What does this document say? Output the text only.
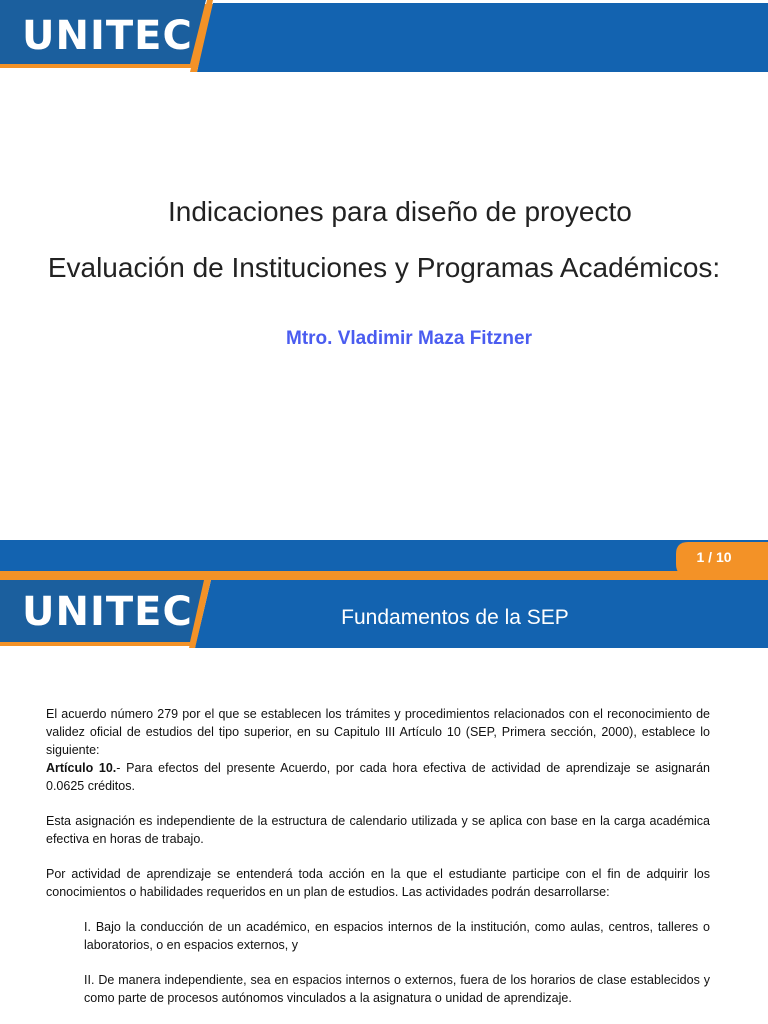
UNITEC
Indicaciones para diseño de proyecto
Evaluación de Instituciones y Programas Académicos:
Mtro. Vladimir Maza Fitzner
1 / 10
UNITEC	Fundamentos de la SEP

El acuerdo número 279 por el que se establecen los trámites y procedimientos relacionados con el reconocimiento de validez oficial de estudios del tipo superior, en su Capitulo III Artículo 10 (SEP, Primera sección, 2000), establece lo siguiente:

Artículo 10.- Para efectos del presente Acuerdo, por cada hora efectiva de actividad de aprendizaje se asignarán 0.0625 créditos.

Esta asignación es independiente de la estructura de calendario utilizada y se aplica con base en la carga académica efectiva en horas de trabajo.

Por actividad de aprendizaje se entenderá toda acción en la que el estudiante participe con el fin de adquirir los conocimientos o habilidades requeridos en un plan de estudios. Las actividades podrán desarrollarse:

I. Bajo la conducción de un académico, en espacios internos de la institución, como aulas, centros, talleres o laboratorios, o en espacios externos, y

II. De manera independiente, sea en espacios internos o externos, fuera de los horarios de clase establecidos y como parte de procesos autónomos vinculados a la asignatura o unidad de aprendizaje.
